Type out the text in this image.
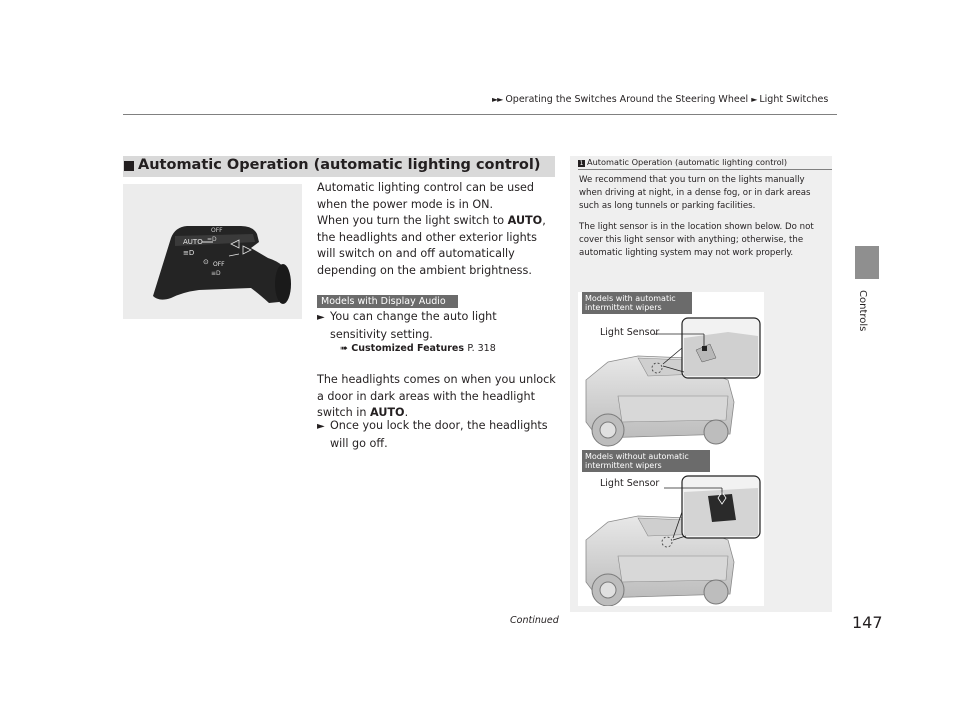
►► Operating the Switches Around the Steering Wheel ► Light Switches
Controls
Automatic Operation (automatic lighting control)
OFF
=D
AUTO
≡D
⊙ OFF
≡D
Automatic lighting control can be used when the power mode is in ON.
When you turn the light switch to AUTO, the headlights and other exterior lights will switch on and off automatically depending on the ambient brightness.
Models with Display Audio
► You can change the auto light sensitivity setting.
➠ Customized Features P. 318
The headlights comes on when you unlock a door in dark areas with the headlight switch in AUTO.
► Once you lock the door, the headlights will go off.
1 Automatic Operation (automatic lighting control)

We recommend that you turn on the lights manually when driving at night, in a dense fog, or in dark areas such as long tunnels or parking facilities.

The light sensor is in the location shown below. Do not cover this light sensor with anything; otherwise, the automatic lighting system may not work properly.

Models with automatic intermittent wipers
Models without automatic intermittent wipers
Light Sensor
Light Sensor
Continued	147
